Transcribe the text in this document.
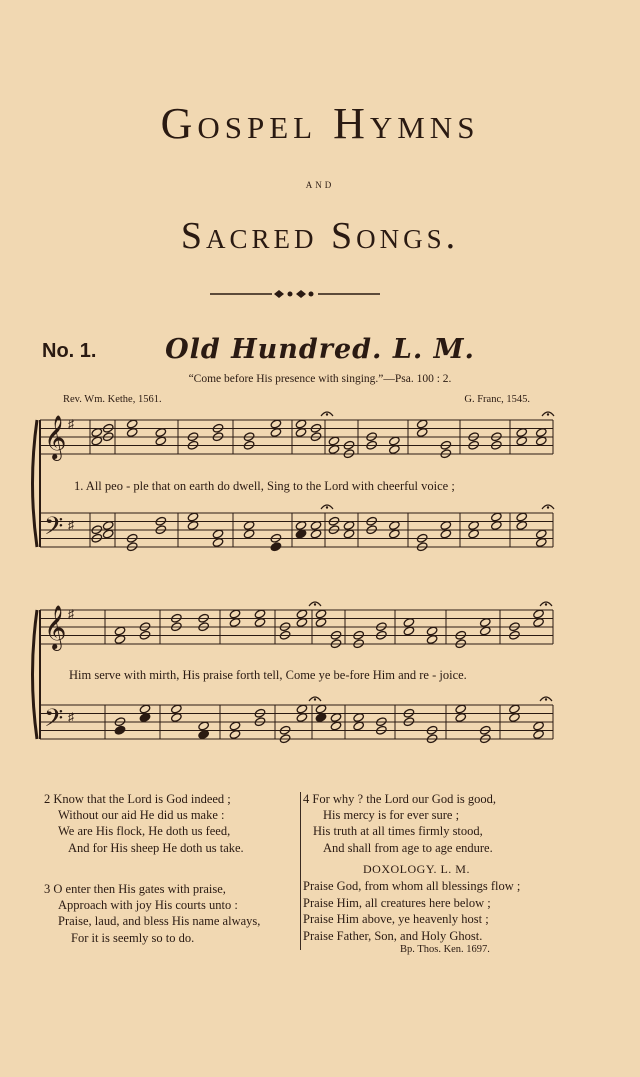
Gospel Hymns
and
Sacred Songs.
No. 1.	Old Hundred. L. M.
“Come before His presence with singing.”—Psa. 100 : 2.
Rev. Wm. Kethe, 1561.	G. Franc, 1545.
𝄞
𝄢
♯
♯
𝄞
𝄢
♯
♯
1. All peo - ple that on earth do dwell, Sing to the Lord with cheerful voice ;
Him serve with mirth, His praise forth tell, Come ye be-fore Him and re - joice.
2 Know that the Lord is God indeed ;
Without our aid He did us make :
We are His flock, He doth us feed,
And for His sheep He doth us take.
3 O enter then His gates with praise,
Approach with joy His courts unto :
Praise, laud, and bless His name always,
For it is seemly so to do.
4 For why ? the Lord our God is good,
His mercy is for ever sure ;
His truth at all times firmly stood,
And shall from age to age endure.
DOXOLOGY. L. M.
Praise God, from whom all blessings flow ;
Praise Him, all creatures here below ;
Praise Him above, ye heavenly host ;
Praise Father, Son, and Holy Ghost.
Bp. Thos. Ken. 1697.
